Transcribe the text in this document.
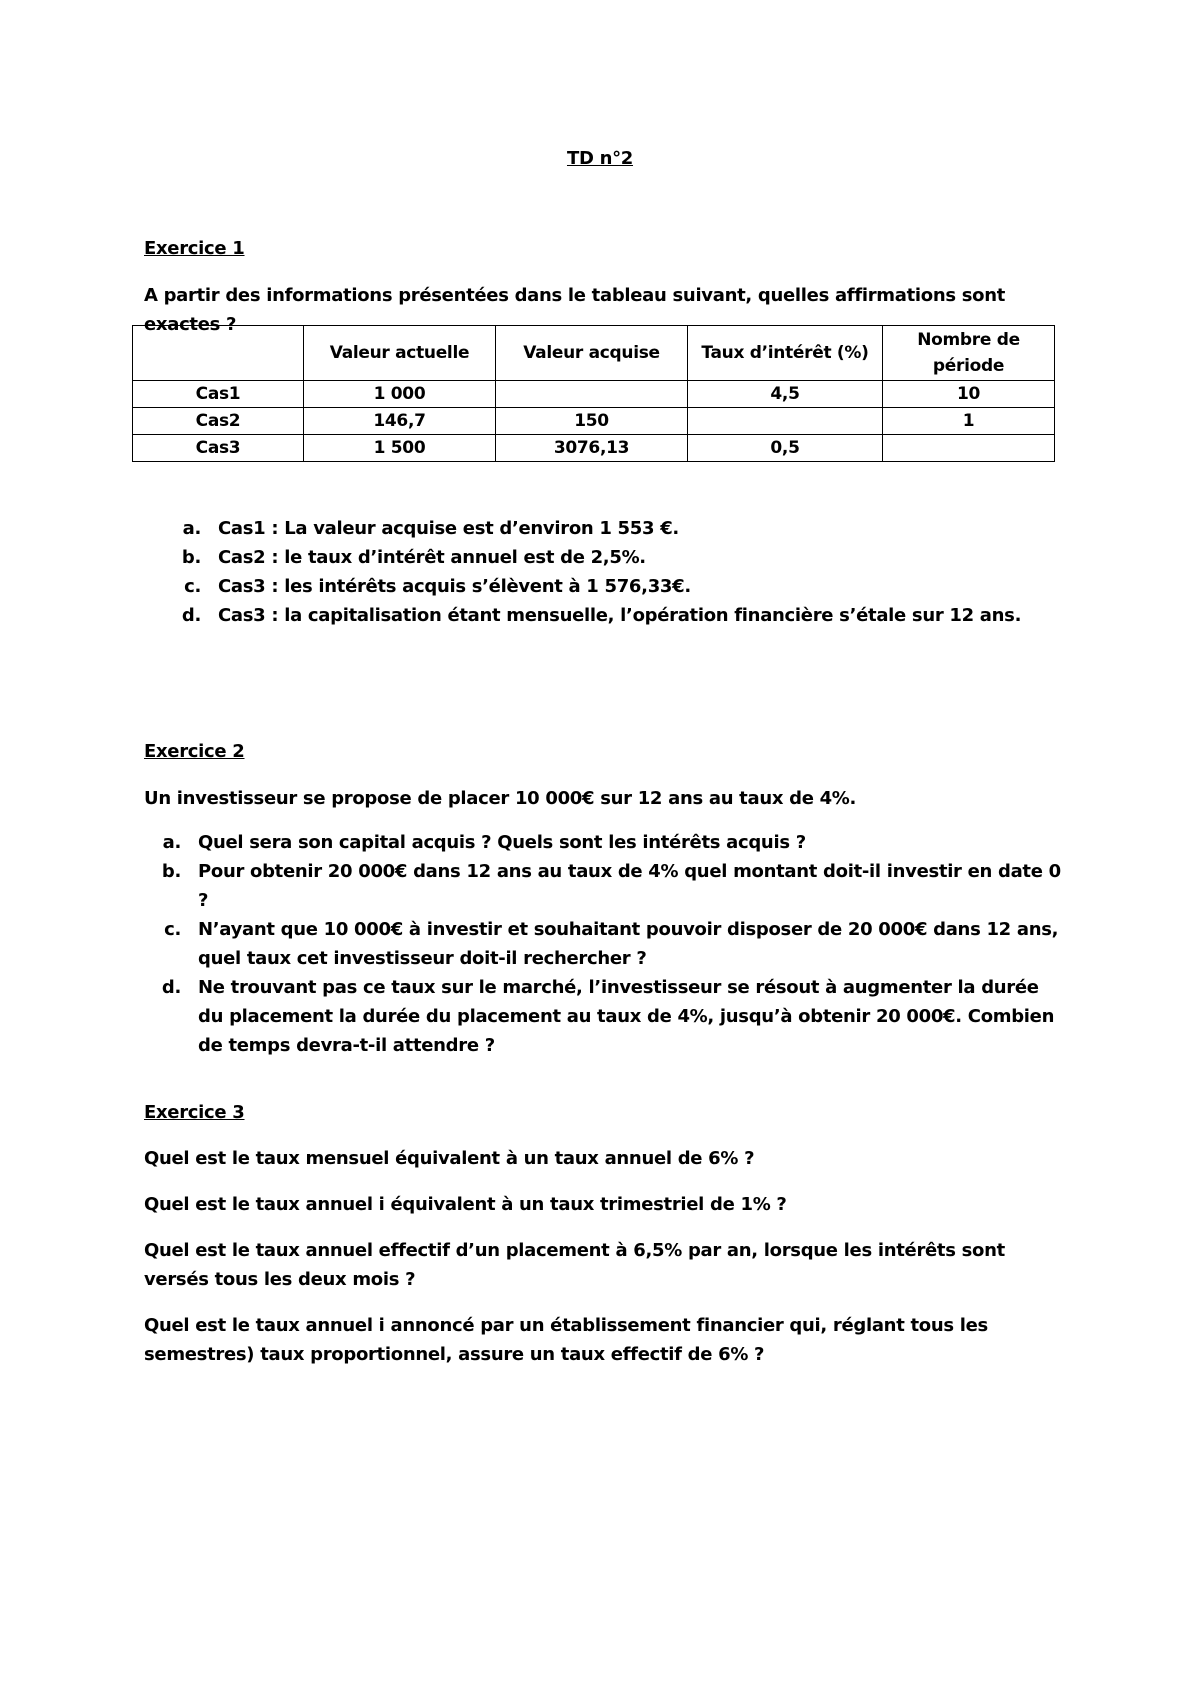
TD n°2
Exercice 1
A partir des informations présentées dans le tableau suivant, quelles affirmations sont exactes ?
	Valeur actuelle	Valeur acquise	Taux d’intérêt (%)	Nombre de période
Cas1	1 000		4,5	10
Cas2	146,7	150		1
Cas3	1 500	3076,13	0,5	
a. Cas1 : La valeur acquise est d’environ 1 553 €.
b. Cas2 : le taux d’intérêt annuel est de 2,5%.
c. Cas3 : les intérêts acquis s’élèvent à 1 576,33€.
d. Cas3 : la capitalisation étant mensuelle, l’opération financière s’étale sur 12 ans.
Exercice 2
Un investisseur se propose de placer 10 000€ sur 12 ans au taux de 4%.
a. Quel sera son capital acquis ? Quels sont les intérêts acquis ?
b. Pour obtenir 20 000€ dans 12 ans au taux de 4% quel montant doit-il investir en date 0 ?
c. N’ayant que 10 000€ à investir et souhaitant pouvoir disposer de 20 000€ dans 12 ans, quel taux cet investisseur doit-il rechercher ?
d. Ne trouvant pas ce taux sur le marché, l’investisseur se résout à augmenter la durée du placement la durée du placement au taux de 4%, jusqu’à obtenir 20 000€. Combien de temps devra-t-il attendre ?
Exercice 3
Quel est le taux mensuel équivalent à un taux annuel de 6% ?
Quel est le taux annuel i équivalent à un taux trimestriel de 1% ?
Quel est le taux annuel effectif d’un placement à 6,5% par an, lorsque les intérêts sont versés tous les deux mois ?
Quel est le taux annuel i annoncé par un établissement financier qui, réglant tous les semestres) taux proportionnel, assure un taux effectif de 6% ?
